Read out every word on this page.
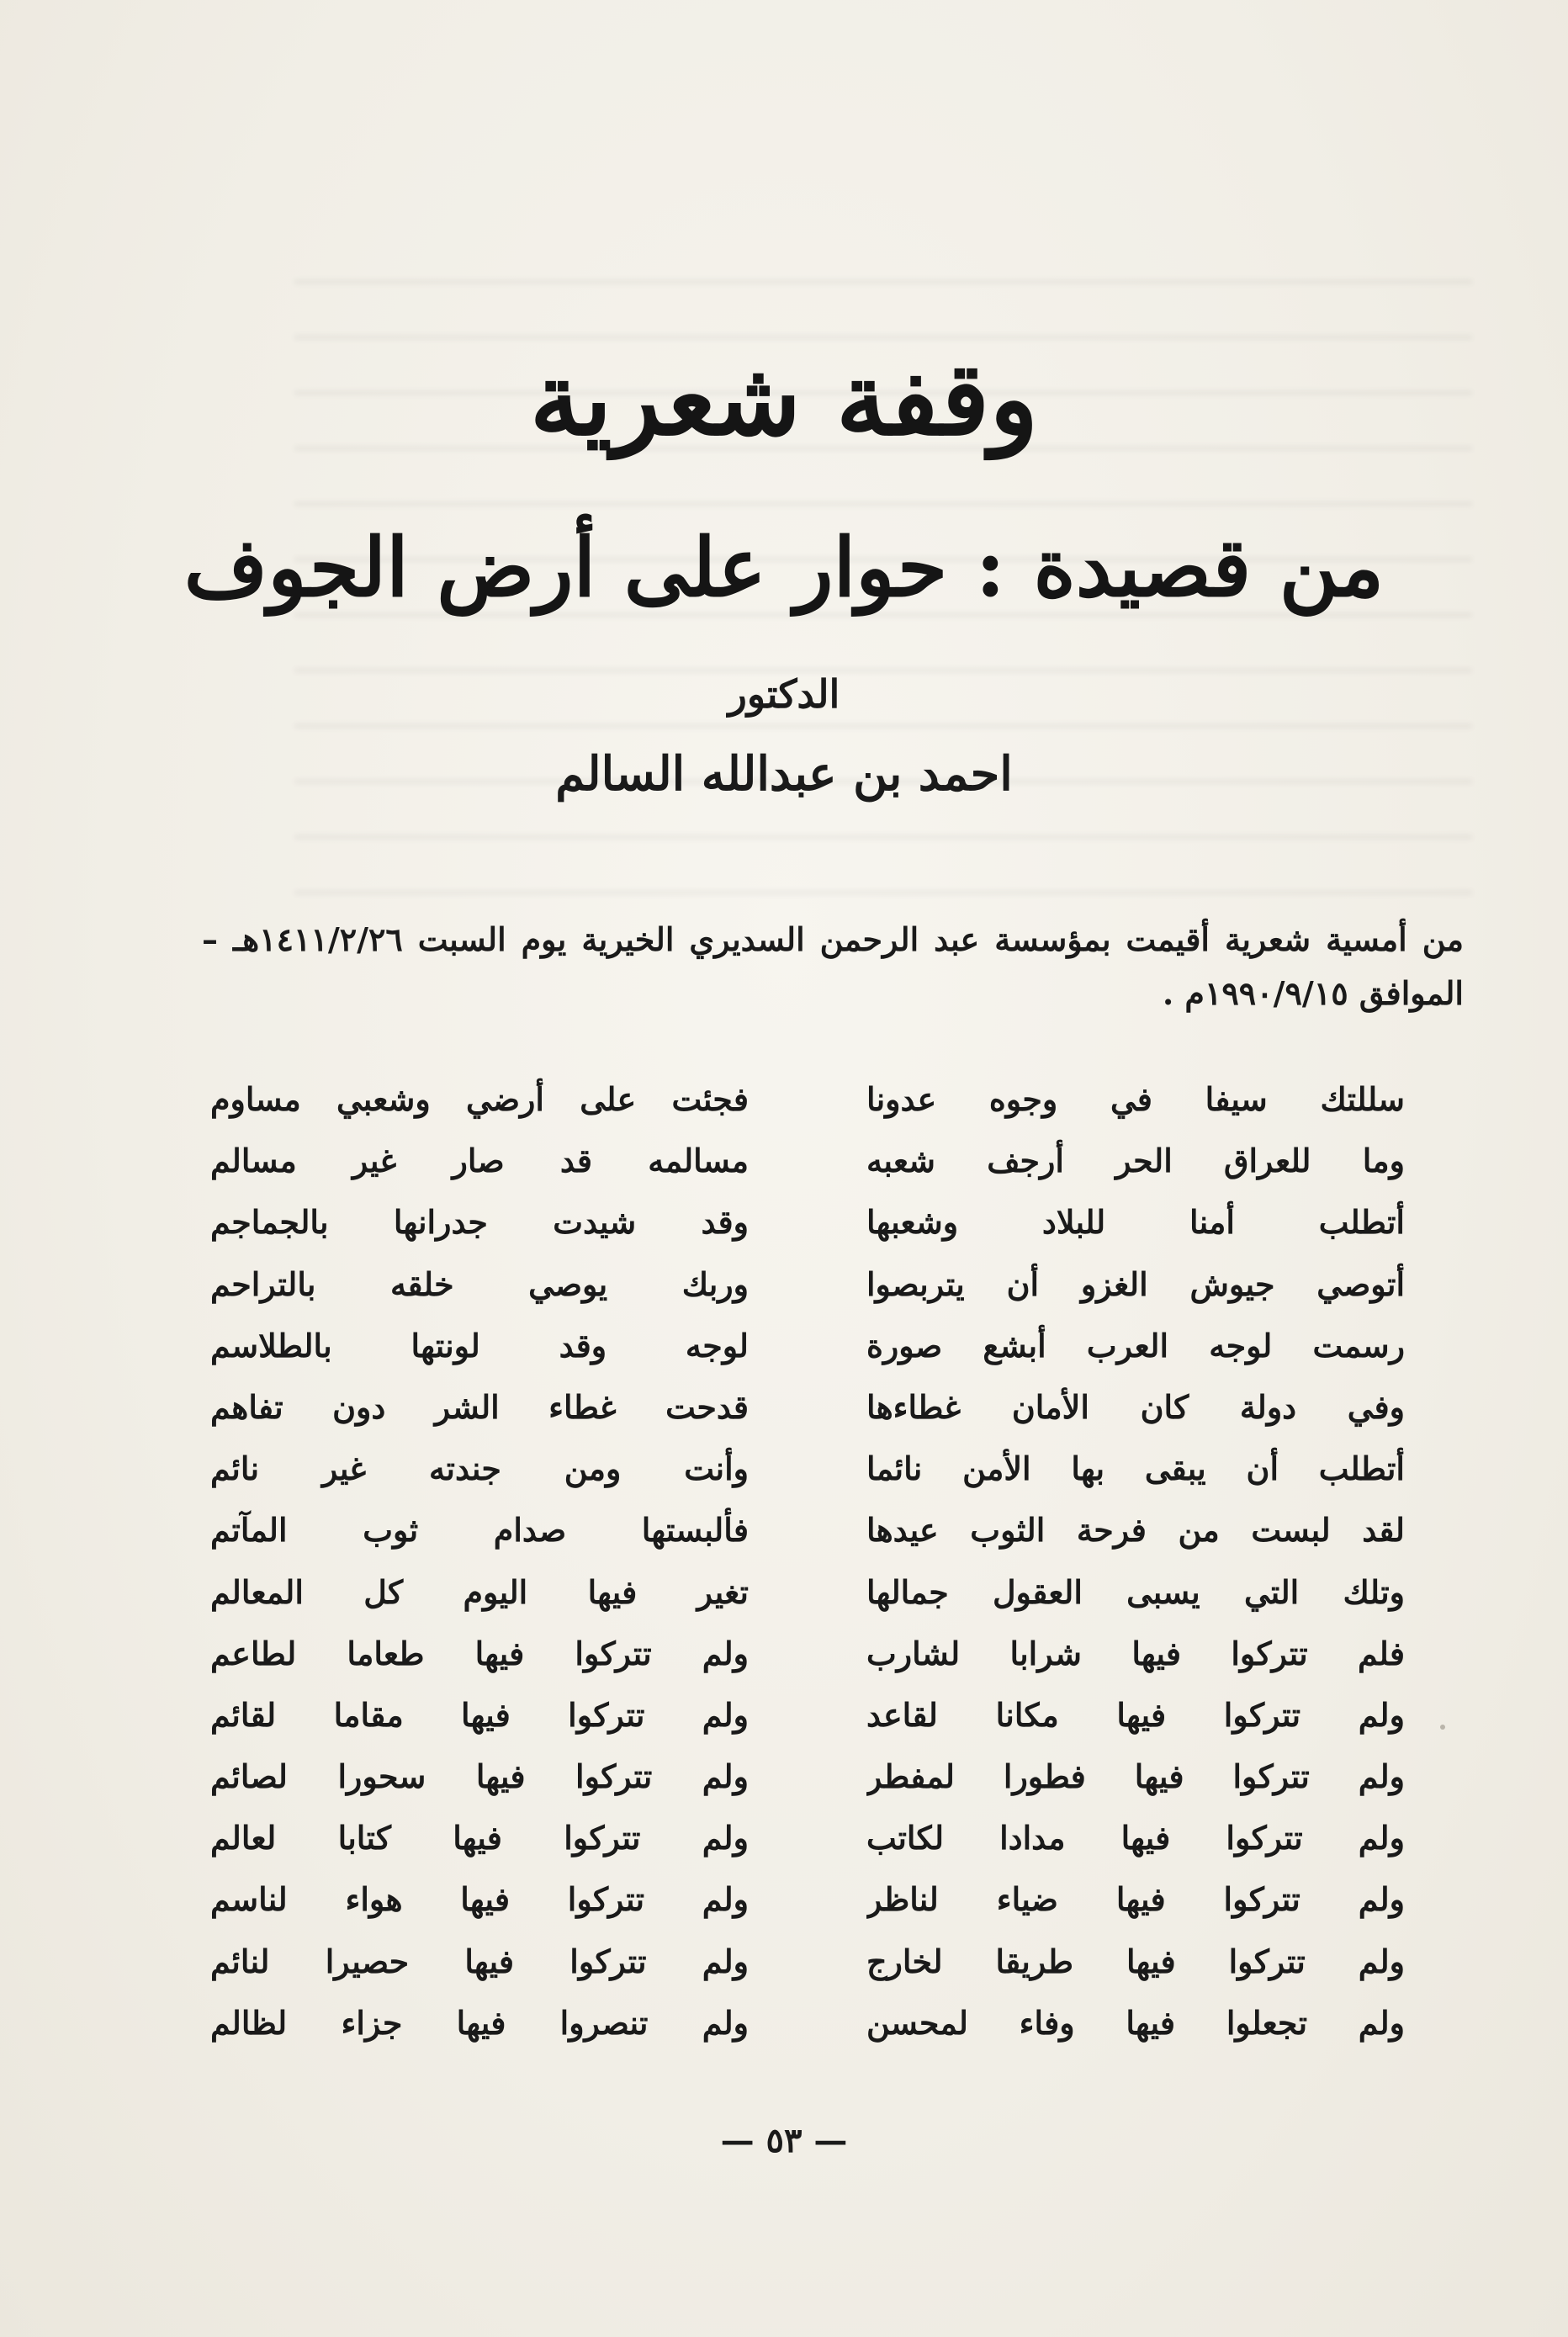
وقفة شعرية
من قصيدة : حوار على أرض الجوف
الدكتور
احمد بن عبدالله السالم
من أمسية شعرية أقيمت بمؤسسة عبد الرحمن السديري الخيرية يوم السبت ١٤١١/٢/٢٦هـ – الموافق ١٩٩٠/٩/١٥م .
سللتك سيفا في وجوه عدونا
وما للعراق الحر أرجف شعبه
أتطلب أمنا للبلاد وشعبها
أتوصي جيوش الغزو أن يتربصوا
رسمت لوجه العرب أبشع صورة
وفي دولة كان الأمان غطاءها
أتطلب أن يبقى بها الأمن نائما
لقد لبست من فرحة الثوب عيدها
وتلك التي يسبى العقول جمالها
فلم تتركوا فيها شرابا لشارب
ولم تتركوا فيها مكانا لقاعد
ولم تتركوا فيها فطورا لمفطر
ولم تتركوا فيها مدادا لكاتب
ولم تتركوا فيها ضياء لناظر
ولم تتركوا فيها طريقا لخارج
ولم تجعلوا فيها وفاء لمحسن
فجئت على أرضي وشعبي مساوم
مسالمه قد صار غير مسالم
وقد شيدت جدرانها بالجماجم
وربك يوصي خلقه بالتراحم
لوجه وقد لونتها بالطلاسم
قدحت غطاء الشر دون تفاهم
وأنت ومن جندته غير نائم
فألبستها صدام ثوب المآتم
تغير فيها اليوم كل المعالم
ولم تتركوا فيها طعاما لطاعم
ولم تتركوا فيها مقاما لقائم
ولم تتركوا فيها سحورا لصائم
ولم تتركوا فيها كتابا لعالم
ولم تتركوا فيها هواء لناسم
ولم تتركوا فيها حصيرا لنائم
ولم تنصروا فيها جزاء لظالم
— ٥٣ —
